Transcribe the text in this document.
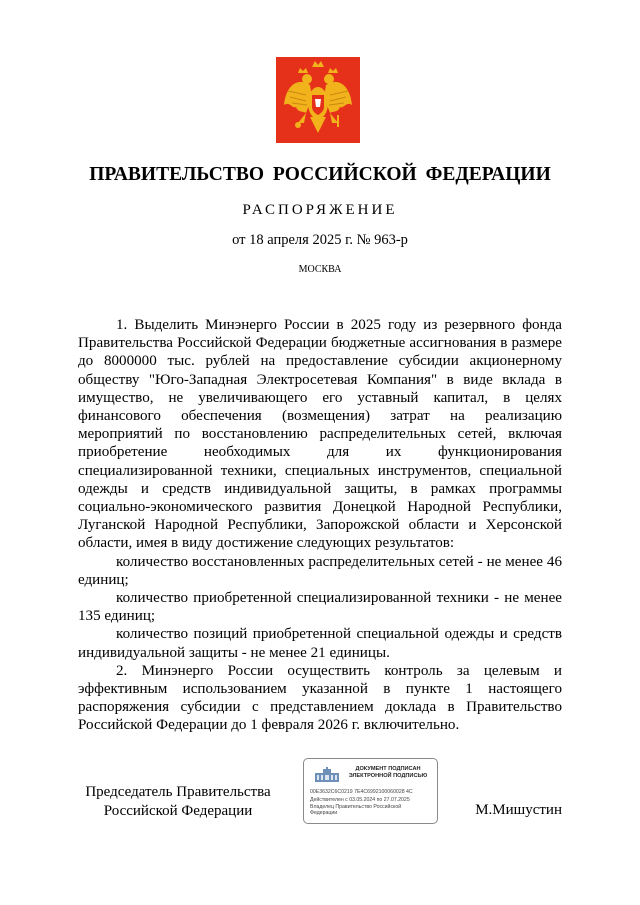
ПРАВИТЕЛЬСТВО РОССИЙСКОЙ ФЕДЕРАЦИИ
РАСПОРЯЖЕНИЕ
от 18 апреля 2025 г. № 963-р
МОСКВА

1. Выделить Минэнерго России в 2025 году из резервного фонда Правительства Российской Федерации бюджетные ассигнования в размере до 8000000 тыс. рублей на предоставление субсидии акционерному обществу "Юго-Западная Электросетевая Компания" в виде вклада в имущество, не увеличивающего его уставный капитал, в целях финансового обеспечения (возмещения) затрат на реализацию мероприятий по восстановлению распределительных сетей, включая приобретение необходимых для их функционирования специализированной техники, специальных инструментов, специальной одежды и средств индивидуальной защиты, в рамках программы социально-экономического развития Донецкой Народной Республики, Луганской Народной Республики, Запорожской области и Херсонской области, имея в виду достижение следующих результатов:

количество восстановленных распределительных сетей - не менее 46 единиц;

количество приобретенной специализированной техники - не менее 135 единиц;

количество позиций приобретенной специальной одежды и средств индивидуальной защиты - не менее 21 единицы.

2. Минэнерго России осуществить контроль за целевым и эффективным использованием указанной в пункте 1 настоящего распоряжения субсидии с представлением доклада в Правительство Российской Федерации до 1 февраля 2026 г. включительно.

Председатель Правительства
Российской Федерации
ДОКУМЕНТ ПОДПИСАН
ЭЛЕКТРОННОЙ ПОДПИСЬЮ
00E3632C6C0219 7E4C6992100060028 4C
Действителен с 03.05.2024 по 27.07.2025
Владелец Правительство Российской
Федерации	М.Мишустин
